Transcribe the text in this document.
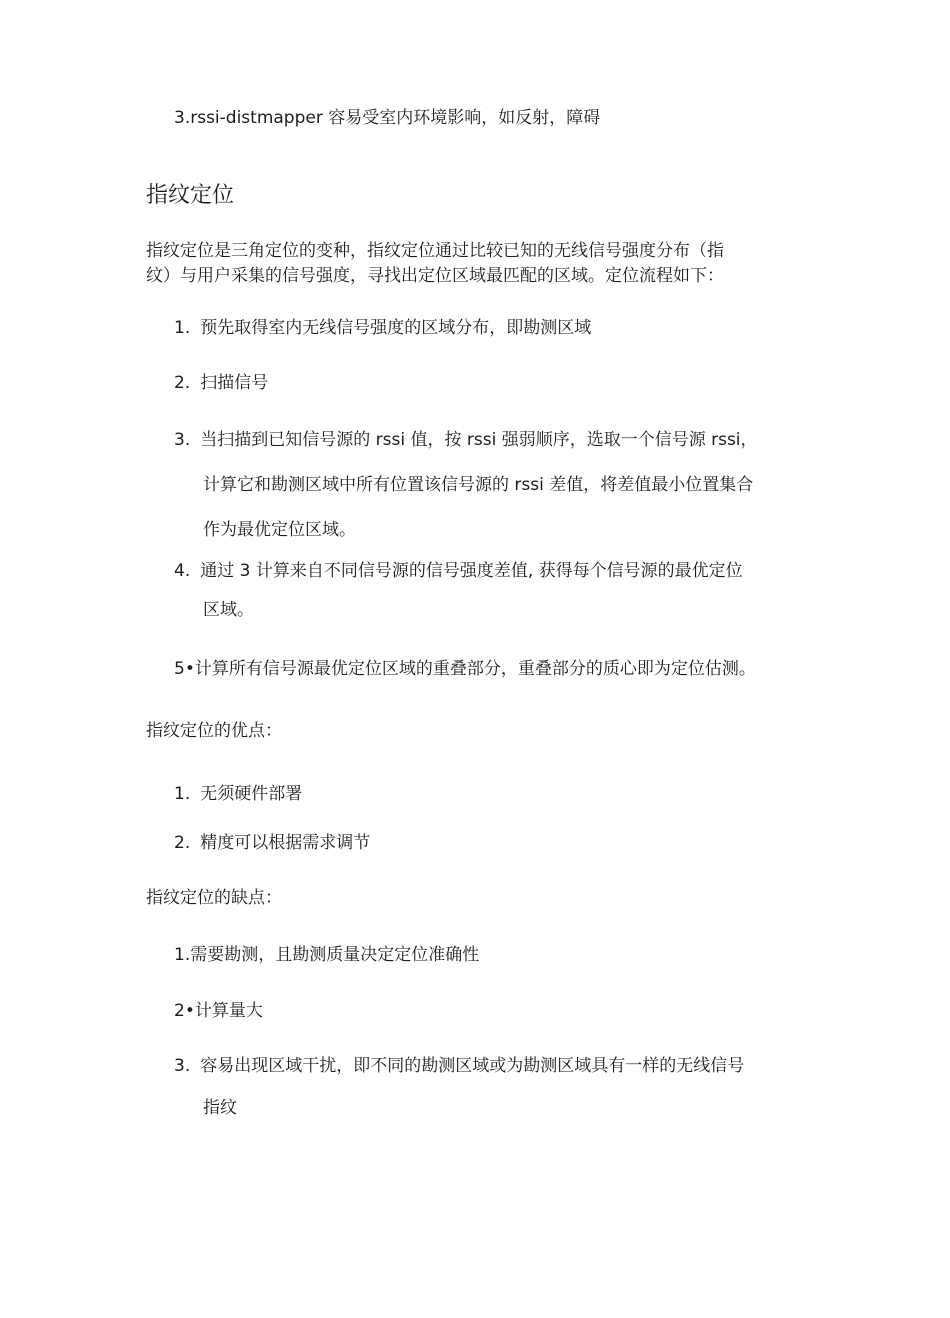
3.rssi-distmapper 容易受室内环境影响，如反射，障碍
指纹定位
指纹定位是三角定位的变种，指纹定位通过比较已知的无线信号强度分布（指
纹）与用户采集的信号强度，寻找出定位区域最匹配的区域。定位流程如下：
1. 预先取得室内无线信号强度的区域分布，即勘测区域
2. 扫描信号
3. 当扫描到已知信号源的 rssi 值，按 rssi 强弱顺序，选取一个信号源 rssi，
计算它和勘测区域中所有位置该信号源的 rssi 差值，将差值最小位置集合
作为最优定位区域。
4. 通过 3 计算来自不同信号源的信号强度差值, 获得每个信号源的最优定位
区域。
5•计算所有信号源最优定位区域的重叠部分，重叠部分的质心即为定位估测。
指纹定位的优点：
1. 无须硬件部署
2. 精度可以根据需求调节
指纹定位的缺点：
1.需要勘测，且勘测质量决定定位准确性
2•计算量大
3. 容易出现区域干扰，即不同的勘测区域或为勘测区域具有一样的无线信号
指纹
